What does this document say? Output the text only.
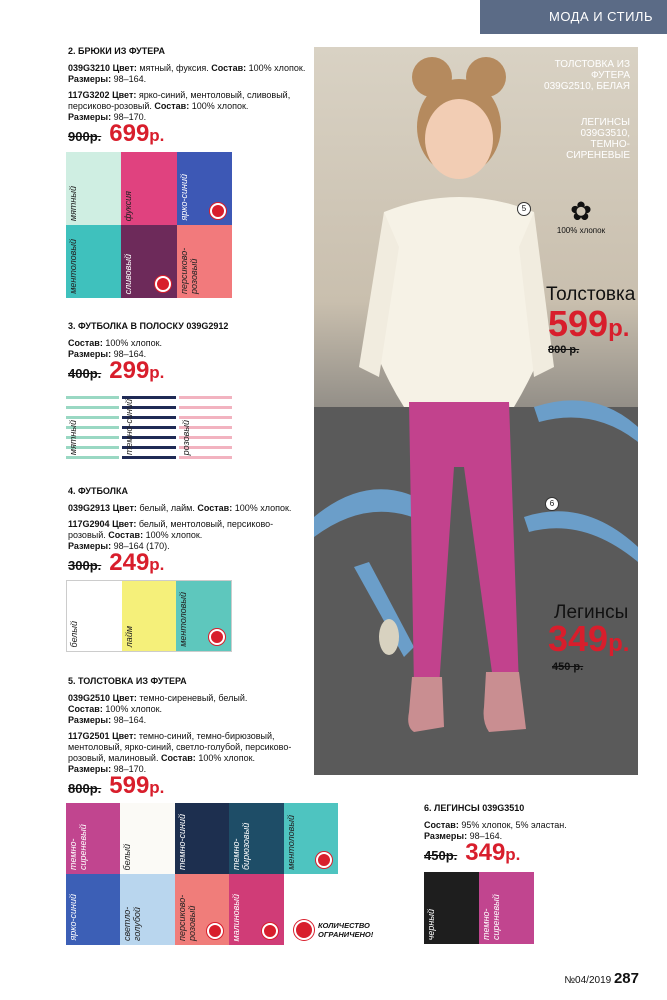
МОДА И СТИЛЬ
2. БРЮКИ ИЗ ФУТЕРА

039G3210 Цвет: мятный, фуксия. Состав: 100% хлопок.
Размеры: 98–164.

117G3202 Цвет: ярко-синий, ментоловый, сливовый, персиково-розовый. Состав: 100% хлопок.
Размеры: 98–170.

900р. 699р.
мятный	фуксия	ярко-синий
ментоловый	сливовый	персиково-розовый
3. ФУТБОЛКА В ПОЛОСКУ 039G2912

Состав: 100% хлопок.
Размеры: 98–164.

400р. 299р.
мятный	темно-синий	розовый
4. ФУТБОЛКА

039G2913 Цвет: белый, лайм. Состав: 100% хлопок.

117G2904 Цвет: белый, ментоловый, персиково-розовый. Состав: 100% хлопок.
Размеры: 98–164 (170).

300р. 249р.
белый	лайм	ментоловый
5. ТОЛСТОВКА ИЗ ФУТЕРА

039G2510 Цвет: темно-сиреневый, белый.
Состав: 100% хлопок.
Размеры: 98–164.

117G2501 Цвет: темно-синий, темно-бирюзовый, ментоловый, ярко-синий, светло-голубой, персиково-розовый, малиновый. Состав: 100% хлопок.
Размеры: 98–170.

800р. 599р.
темно-сиреневый	белый	темно-синий	темно-бирюзовый	ментоловый
ярко-синий	светло-голубой	персиково-розовый	малиновый	КОЛИЧЕСТВО ОГРАНИЧЕНО!
6. ЛЕГИНСЫ 039G3510

Состав: 95% хлопок, 5% эластан.
Размеры: 98–164.

450р. 349р.
черный	темно-сиреневый
ТОЛСТОВКА ИЗ ФУТЕРА 039G2510, БЕЛАЯ
ЛЕГИНСЫ 039G3510, ТЕМНО-СИРЕНЕВЫЕ
✿
100% хлопок
5
6
Толстовка
599р.
800 р.
Легинсы
349р.
450 р.
№04/2019 287
